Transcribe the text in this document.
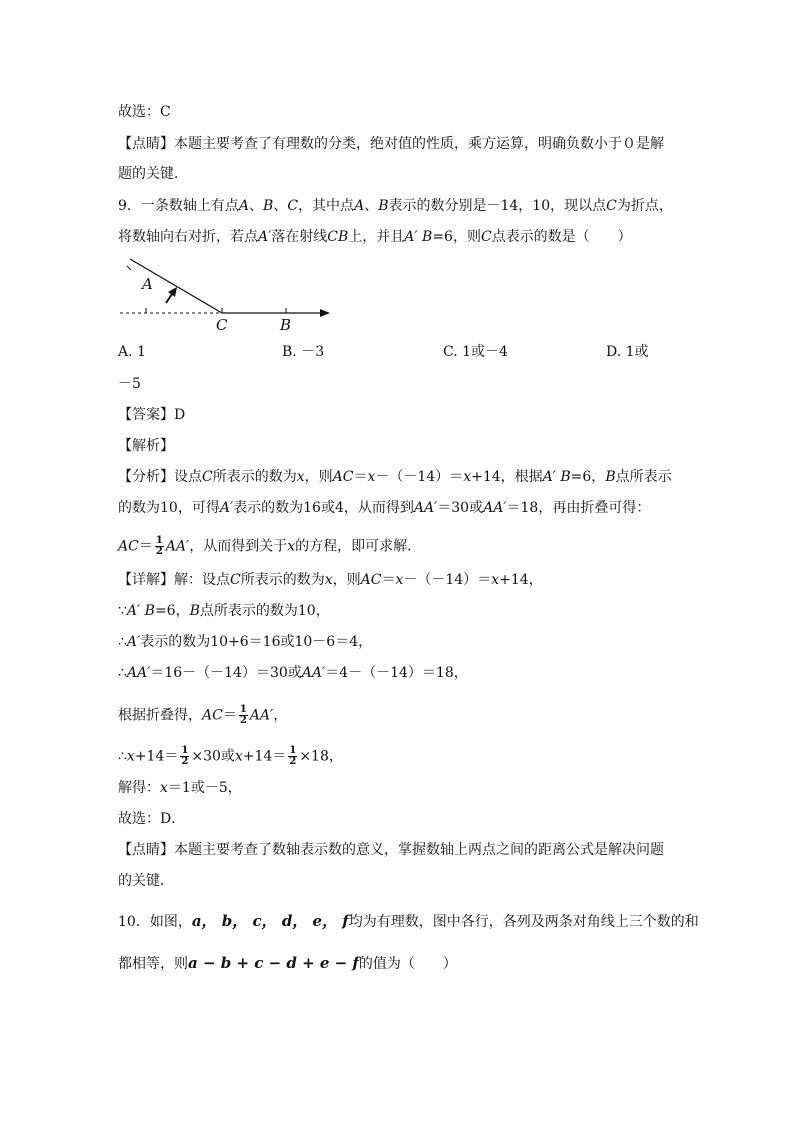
故选：C
【点睛】本题主要考查了有理数的分类，绝对值的性质，乘方运算，明确负数小于０是解
题的关键．
9．一条数轴上有点A、B、C，其中点A、B表示的数分别是－14，10，现以点C为折点，
将数轴向右对折，若点A′落在射线CB上，并且A′ B=6，则C点表示的数是（　　）
A
C	B
A. 1	B. －3	C. 1或－4	D. 1或
－5
【答案】D
【解析】
【分析】设点C所表示的数为x，则AC＝x－（－14）＝x+14，根据A′ B=6，B点所表示
的数为10，可得A′表示的数为16或4，从而得到AA′＝30或AA′＝18，再由折叠可得：
$AC= \frac{1}{2} AA'$，从而得到关于x的方程，即可求解．
【详解】解：设点C所表示的数为x，则AC＝x－（－14）＝x+14，
∵A′ B=6，B点所表示的数为10，
∴A′表示的数为10+6＝16或10－6＝4，
∴AA′＝16－（－14）＝30或AA′＝4－（－14）＝18，
根据折叠得，$AC= \frac{1}{2} AA'$，
∴x+14＝ $\frac{1}{2} \times 30$或$x+14= \frac{1}{2} \times 18$，
解得：x＝1或－5，
故选：D．
【点睛】本题主要考查了数轴表示数的意义，掌握数轴上两点之间的距离公式是解决问题
的关键．
10．如图，a， b， c， d， e， f均为有理数，图中各行，各列及两条对角线上三个数的和
都相等，则a − b + c − d + e − f的值为（　　）
